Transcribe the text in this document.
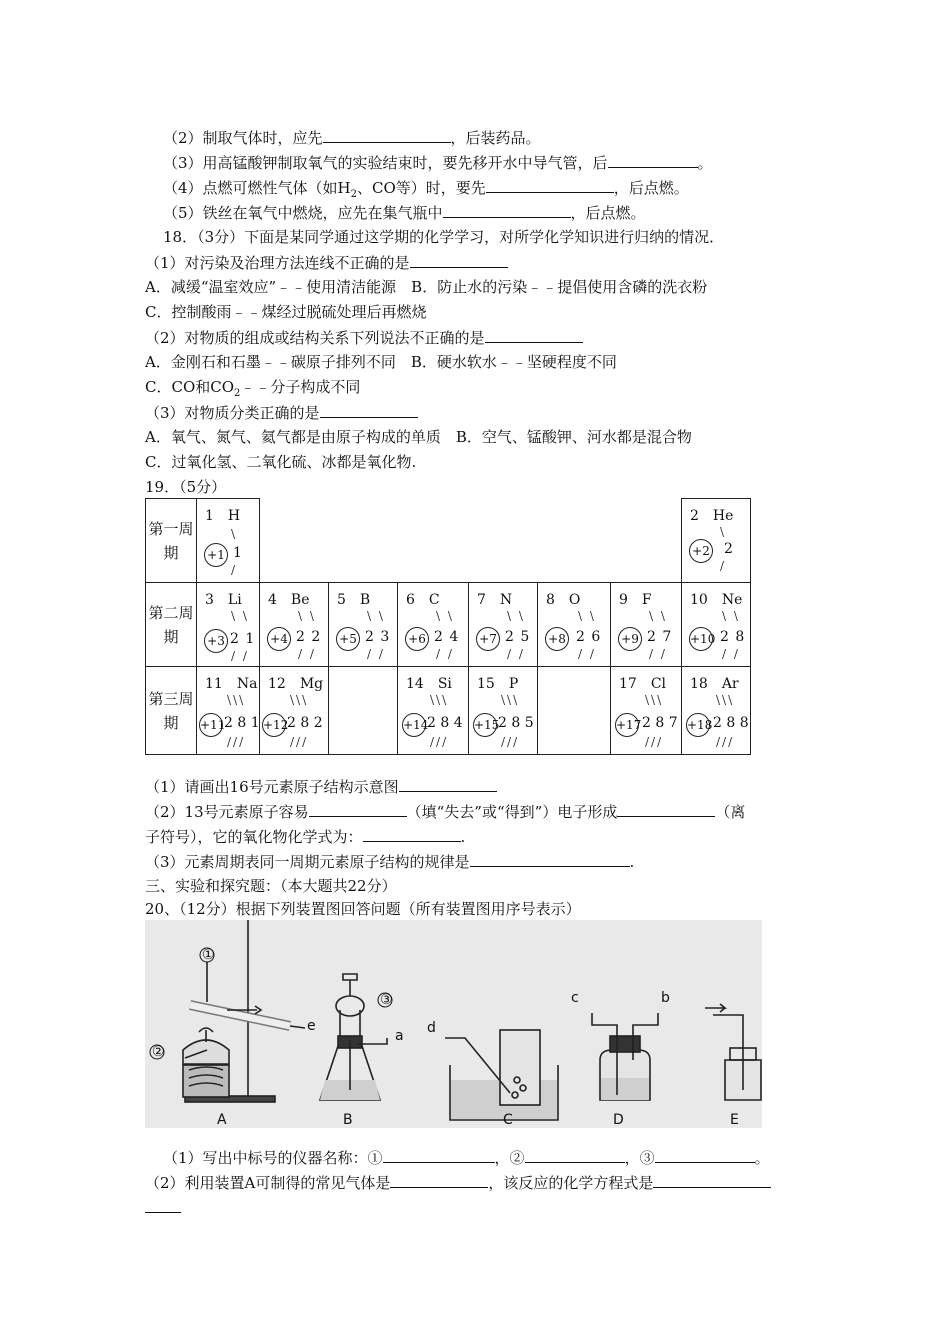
（2）制取气体时，应先	，后装药品。
（3）用高锰酸钾制取氧气的实验结束时，要先移开水中导气管，后	。
（4）点燃可燃性气体（如$H_2$、CO等）时，要先	，后点燃。
（5）铁丝在氧气中燃烧，应先在集气瓶中	，后点燃。
18．（3分）下面是某同学通过这学期的化学学习，对所学化学知识进行归纳的情况．
（1）对污染及治理方法连线不正确的是
A．减缓“温室效应”﹣﹣使用清洁能源　B．防止水的污染﹣﹣提倡使用含磷的洗衣粉
C．控制酸雨﹣﹣煤经过脱硫处理后再燃烧
（2）对物质的组成或结构关系下列说法不正确的是
A．金刚石和石墨﹣﹣碳原子排列不同　B．硬水软水﹣﹣坚硬程度不同
C．CO和$CO_2﹣﹣$分子构成不同
（3）对物质分类正确的是
A．氧气、氮气、氦气都是由原子构成的单质　B．空气、锰酸钾、河水都是混合物
C．过氧化氢、二氧化硫、冰都是氧化物.
19．（5分）
第一周期	1　H
+1
\
1
/							2　He
+2
\
2
/

第二周期	3　Li
\ \
+3 2 1
/ /	4　Be
\ \
+4 2 2
/ /	5　B
\ \
+5 2 3
/ /	6　C
\ \
+6 2 4
/ /	7　N
\ \
+7 2 5
/ /	8　O
\ \
+8 2 6
/ /	9　F
\ \
+9 2 7
/ /	10　Ne
\ \
+10 2 8
/ /

第三周期	11　Na
\\\
+11
2 8 1
///	12　Mg
\\\
+12
2 8 2
///		14　Si
\\\
+14
2 8 4
///	15　P
\\\
+15
2 8 5
///		17　Cl
\\\
+17 2 8 7
///	18　Ar
\\\
+18 2 8 8
///
（1）请画出16号元素原子结构示意图
（2）13号元素原子容易	（填“失去”或“得到”）电子形成	（离
子符号），它的氧化物化学式为：	.
（3）元素周期表同一周期元素原子结构的规律是	.
三、实验和探究题：（本大题共22分）
20、（12分）根据下列装置图回答问题（所有装置图用序号表示）
①
②
③
e
a d
c	b
A	B	C	D	E
（1）写出中标号的仪器名称：①	，②	，③	。
（2）利用装置A可制得的常见气体是	，该反应的化学方程式是
